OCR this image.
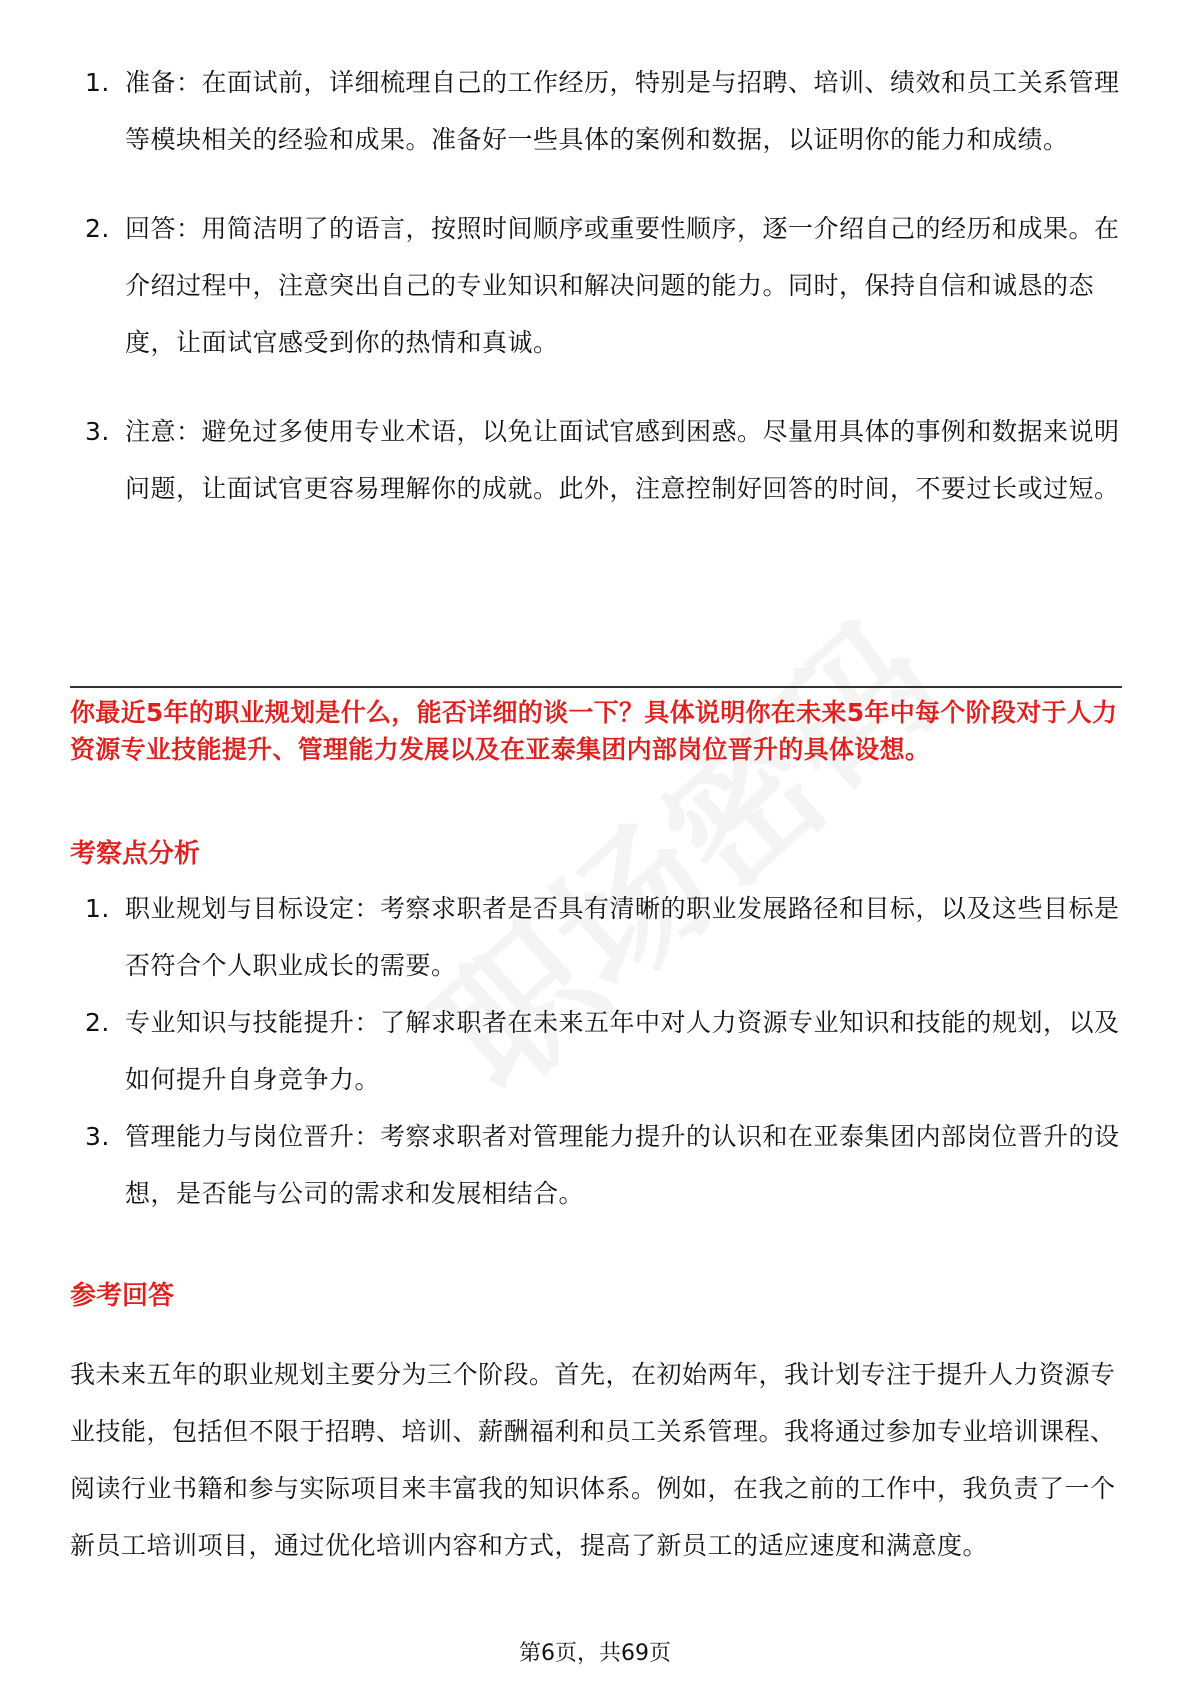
1. 准备：在面试前，详细梳理自己的工作经历，特别是与招聘、培训、绩效和员工关系管理等模块相关的经验和成果。准备好一些具体的案例和数据，以证明你的能力和成绩。
2. 回答：用简洁明了的语言，按照时间顺序或重要性顺序，逐一介绍自己的经历和成果。在介绍过程中，注意突出自己的专业知识和解决问题的能力。同时，保持自信和诚恳的态度，让面试官感受到你的热情和真诚。
3. 注意：避免过多使用专业术语，以免让面试官感到困惑。尽量用具体的事例和数据来说明问题，让面试官更容易理解你的成就。此外，注意控制好回答的时间，不要过长或过短。
你最近5年的职业规划是什么，能否详细的谈一下？具体说明你在未来5年中每个阶段对于人力资源专业技能提升、管理能力发展以及在亚泰集团内部岗位晋升的具体设想。
考察点分析
1. 职业规划与目标设定：考察求职者是否具有清晰的职业发展路径和目标，以及这些目标是否符合个人职业成长的需要。
2. 专业知识与技能提升：了解求职者在未来五年中对人力资源专业知识和技能的规划，以及如何提升自身竞争力。
3. 管理能力与岗位晋升：考察求职者对管理能力提升的认识和在亚泰集团内部岗位晋升的设想，是否能与公司的需求和发展相结合。
参考回答
我未来五年的职业规划主要分为三个阶段。首先，在初始两年，我计划专注于提升人力资源专业技能，包括但不限于招聘、培训、薪酬福利和员工关系管理。我将通过参加专业培训课程、阅读行业书籍和参与实际项目来丰富我的知识体系。例如，在我之前的工作中，我负责了一个新员工培训项目，通过优化培训内容和方式，提高了新员工的适应速度和满意度。
第6页，共69页
